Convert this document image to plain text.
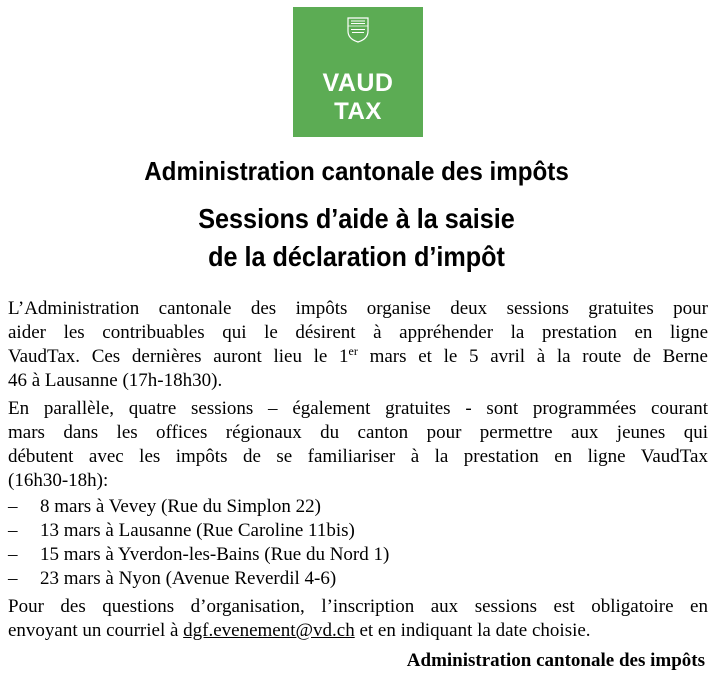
VAUD
TAX
Administration cantonale des impôts
Sessions d’aide à la saisie
de la déclaration d’impôt
L’Administration cantonale des impôts organise deux sessions gratuites pour
aider les contribuables qui le désirent à appréhender la prestation en ligne
VaudTax. Ces dernières auront lieu le 1er mars et le 5 avril à la route de Berne
46 à Lausanne (17h-18h30).
En parallèle, quatre sessions – également gratuites - sont programmées courant
mars dans les offices régionaux du canton pour permettre aux jeunes qui
débutent avec les impôts de se familiariser à la prestation en ligne VaudTax
(16h30-18h):
– 8 mars à Vevey (Rue du Simplon 22)
– 13 mars à Lausanne (Rue Caroline 11bis)
– 15 mars à Yverdon-les-Bains (Rue du Nord 1)
– 23 mars à Nyon (Avenue Reverdil 4-6)
Pour des questions d’organisation, l’inscription aux sessions est obligatoire en
envoyant un courriel à dgf.evenement@vd.ch et en indiquant la date choisie.
Administration cantonale des impôts
